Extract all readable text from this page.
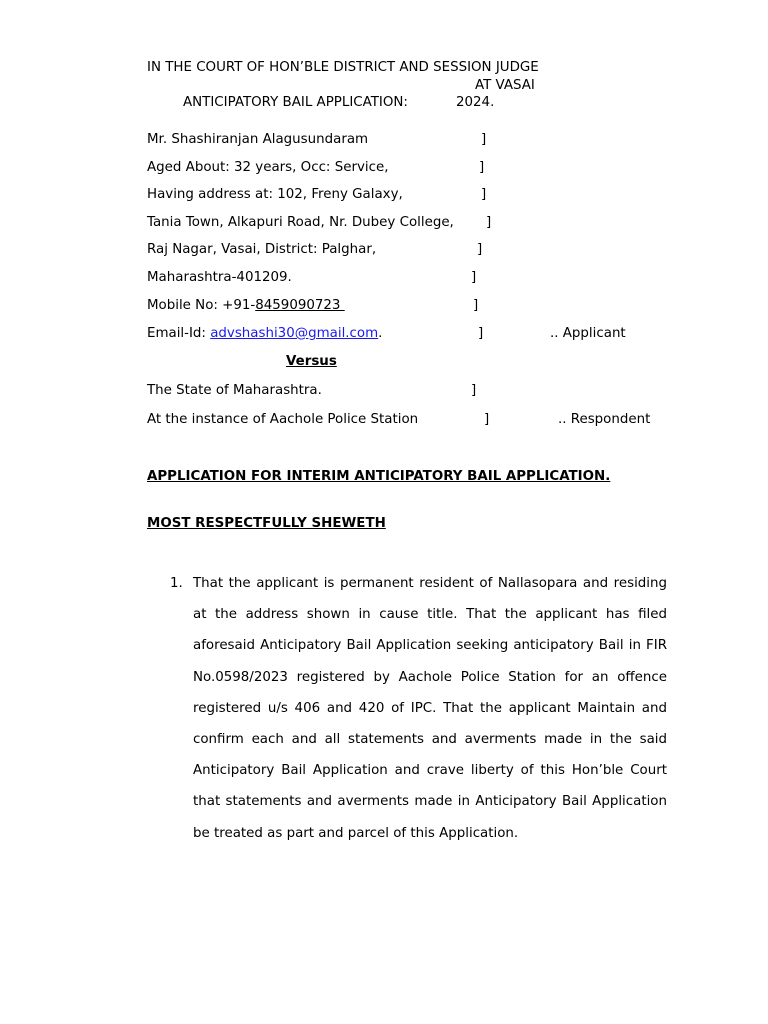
IN THE COURT OF HON’BLE DISTRICT AND SESSION JUDGE
AT VASAI
ANTICIPATORY BAIL APPLICATION:	2024.
Mr. Shashiranjan Alagusundaram	]
Aged About: 32 years, Occ: Service,	]
Having address at: 102, Freny Galaxy,	]
Tania Town, Alkapuri Road, Nr. Dubey College, ]
Raj Nagar, Vasai, District: Palghar,	]
Maharashtra-401209.	]
Mobile No: +91-8459090723	]
Email-Id: advshashi30@gmail.com.	]	.. Applicant
Versus
The State of Maharashtra.	]
At the instance of Aachole Police Station	]	.. Respondent
APPLICATION FOR INTERIM ANTICIPATORY BAIL APPLICATION.
MOST RESPECTFULLY SHEWETH
1. That the applicant is permanent resident of Nallasopara and residing at the address shown in cause title. That the applicant has filed aforesaid Anticipatory Bail Application seeking anticipatory Bail in FIR No.0598/2023 registered by Aachole Police Station for an offence registered u/s 406 and 420 of IPC. That the applicant Maintain and confirm each and all statements and averments made in the said Anticipatory Bail Application and crave liberty of this Hon’ble Court that statements and averments made in Anticipatory Bail Application be treated as part and parcel of this Application.
